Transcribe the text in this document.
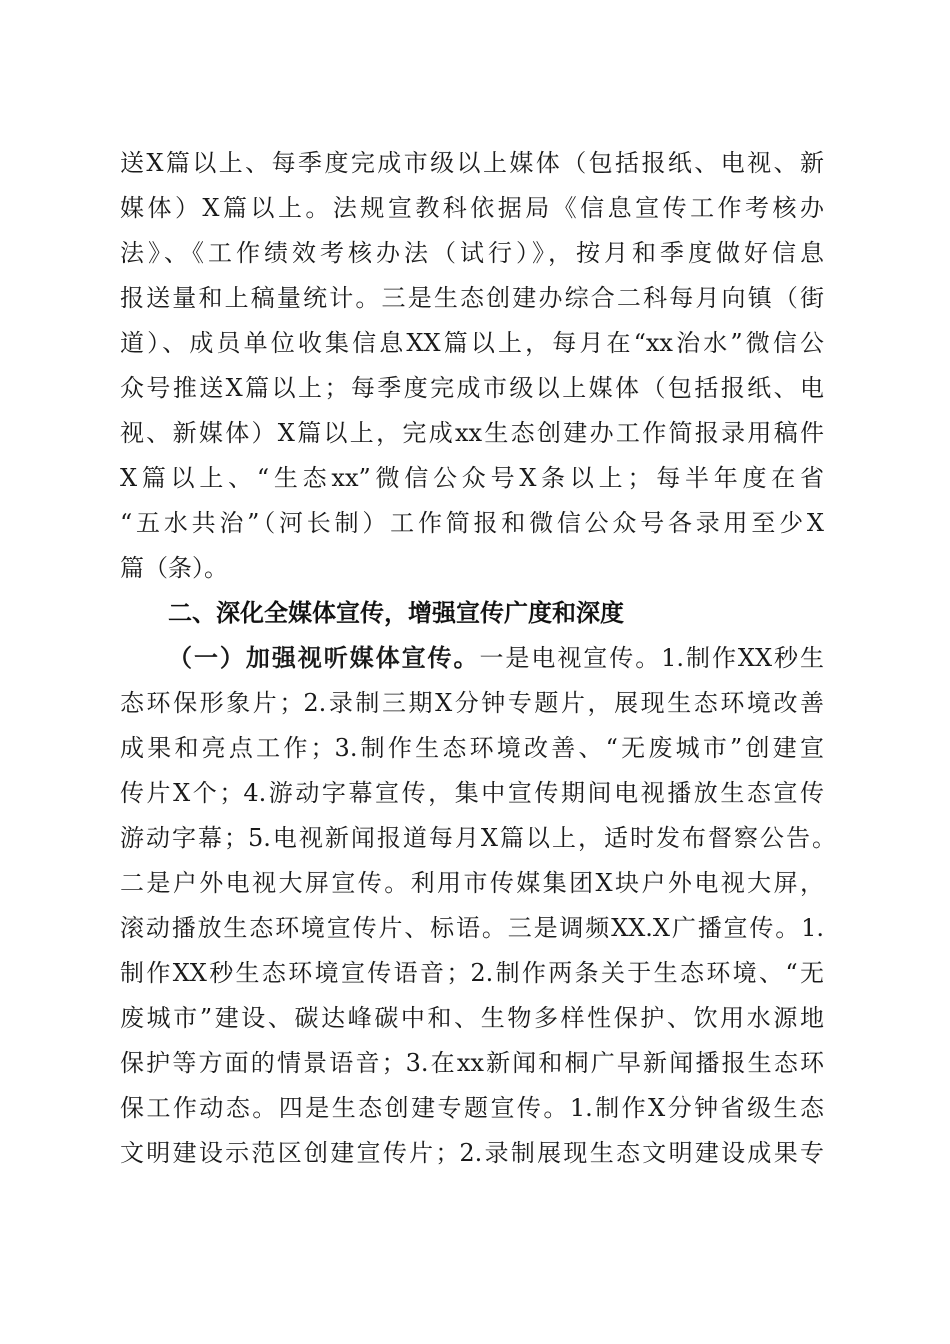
送X篇以上、每季度完成市级以上媒体（包括报纸、电视、新
媒体）X篇以上。法规宣教科依据局《信息宣传工作考核办
法》、《工作绩效考核办法（试行）》，按月和季度做好信息
报送量和上稿量统计。三是生态创建办综合二科每月向镇（街
道）、成员单位收集信息XX篇以上，每月在“xx治水”微信公
众号推送X篇以上；每季度完成市级以上媒体（包括报纸、电
视、新媒体）X篇以上，完成xx生态创建办工作简报录用稿件
X篇以上、“生态xx”微信公众号X条以上；每半年度在省
“五水共治”（河长制）工作简报和微信公众号各录用至少X
篇（条）。
二、深化全媒体宣传，增强宣传广度和深度
（一）加强视听媒体宣传。一是电视宣传。1.制作XX秒生
态环保形象片；2.录制三期X分钟专题片，展现生态环境改善
成果和亮点工作；3.制作生态环境改善、“无废城市”创建宣
传片X个；4.游动字幕宣传，集中宣传期间电视播放生态宣传
游动字幕；5.电视新闻报道每月X篇以上，适时发布督察公告。
二是户外电视大屏宣传。利用市传媒集团X块户外电视大屏，
滚动播放生态环境宣传片、标语。三是调频XX.X广播宣传。1.
制作XX秒生态环境宣传语音；2.制作两条关于生态环境、“无
废城市”建设、碳达峰碳中和、生物多样性保护、饮用水源地
保护等方面的情景语音；3.在xx新闻和桐广早新闻播报生态环
保工作动态。四是生态创建专题宣传。1.制作X分钟省级生态
文明建设示范区创建宣传片；2.录制展现生态文明建设成果专
